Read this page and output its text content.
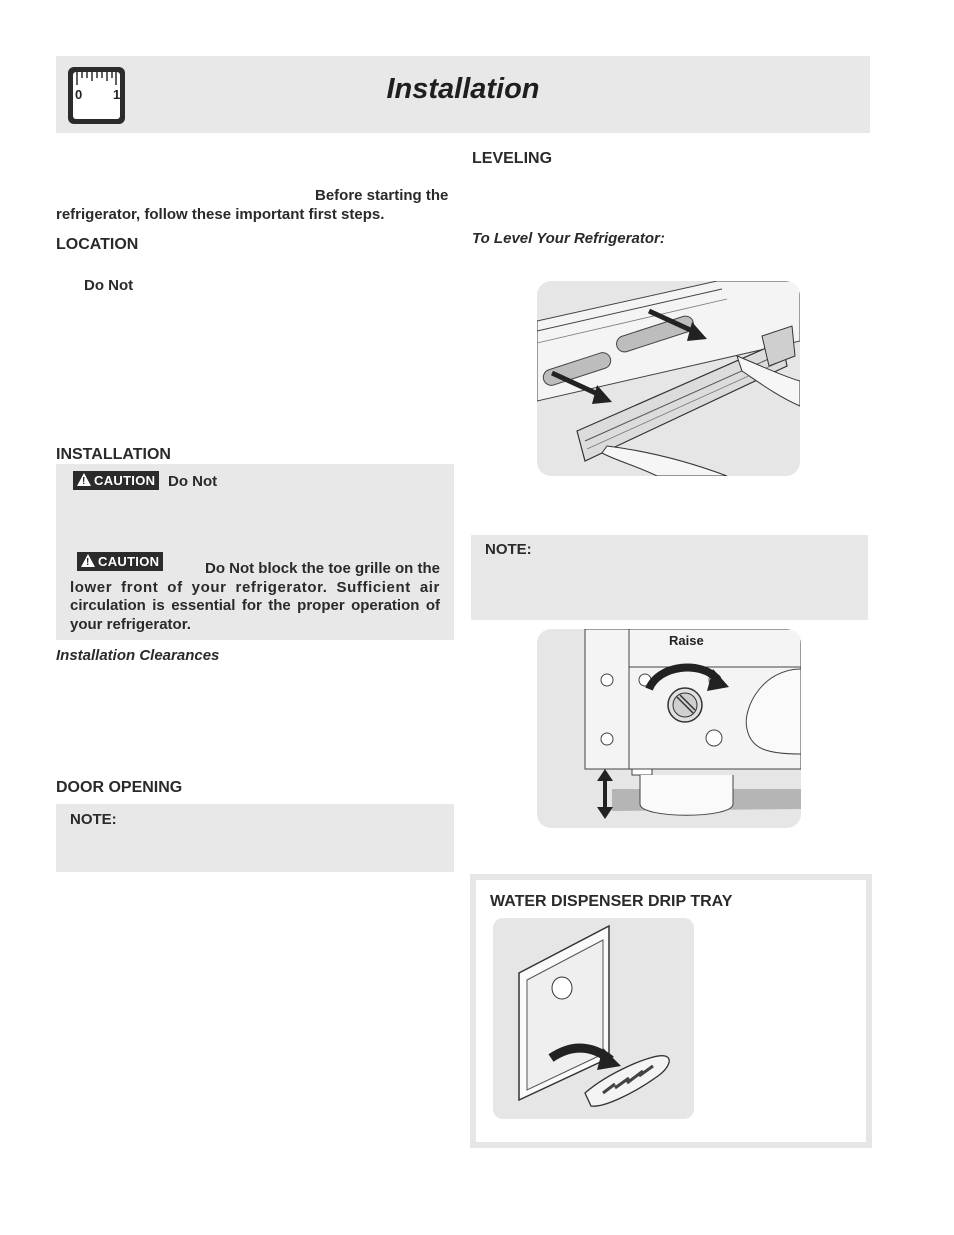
Installation
0 1
Before starting the
refrigerator, follow these important first steps.
LOCATION
Do Not
INSTALLATION
!CAUTION Do Not
!CAUTION	Do Not block the toe grille on the
lower front of your refrigerator. Sufficient air
circulation is essential for the proper operation of
your refrigerator.
Installation Clearances
DOOR OPENING
NOTE:
LEVELING
To Level Your Refrigerator:
NOTE:
Raise
WATER DISPENSER DRIP TRAY
